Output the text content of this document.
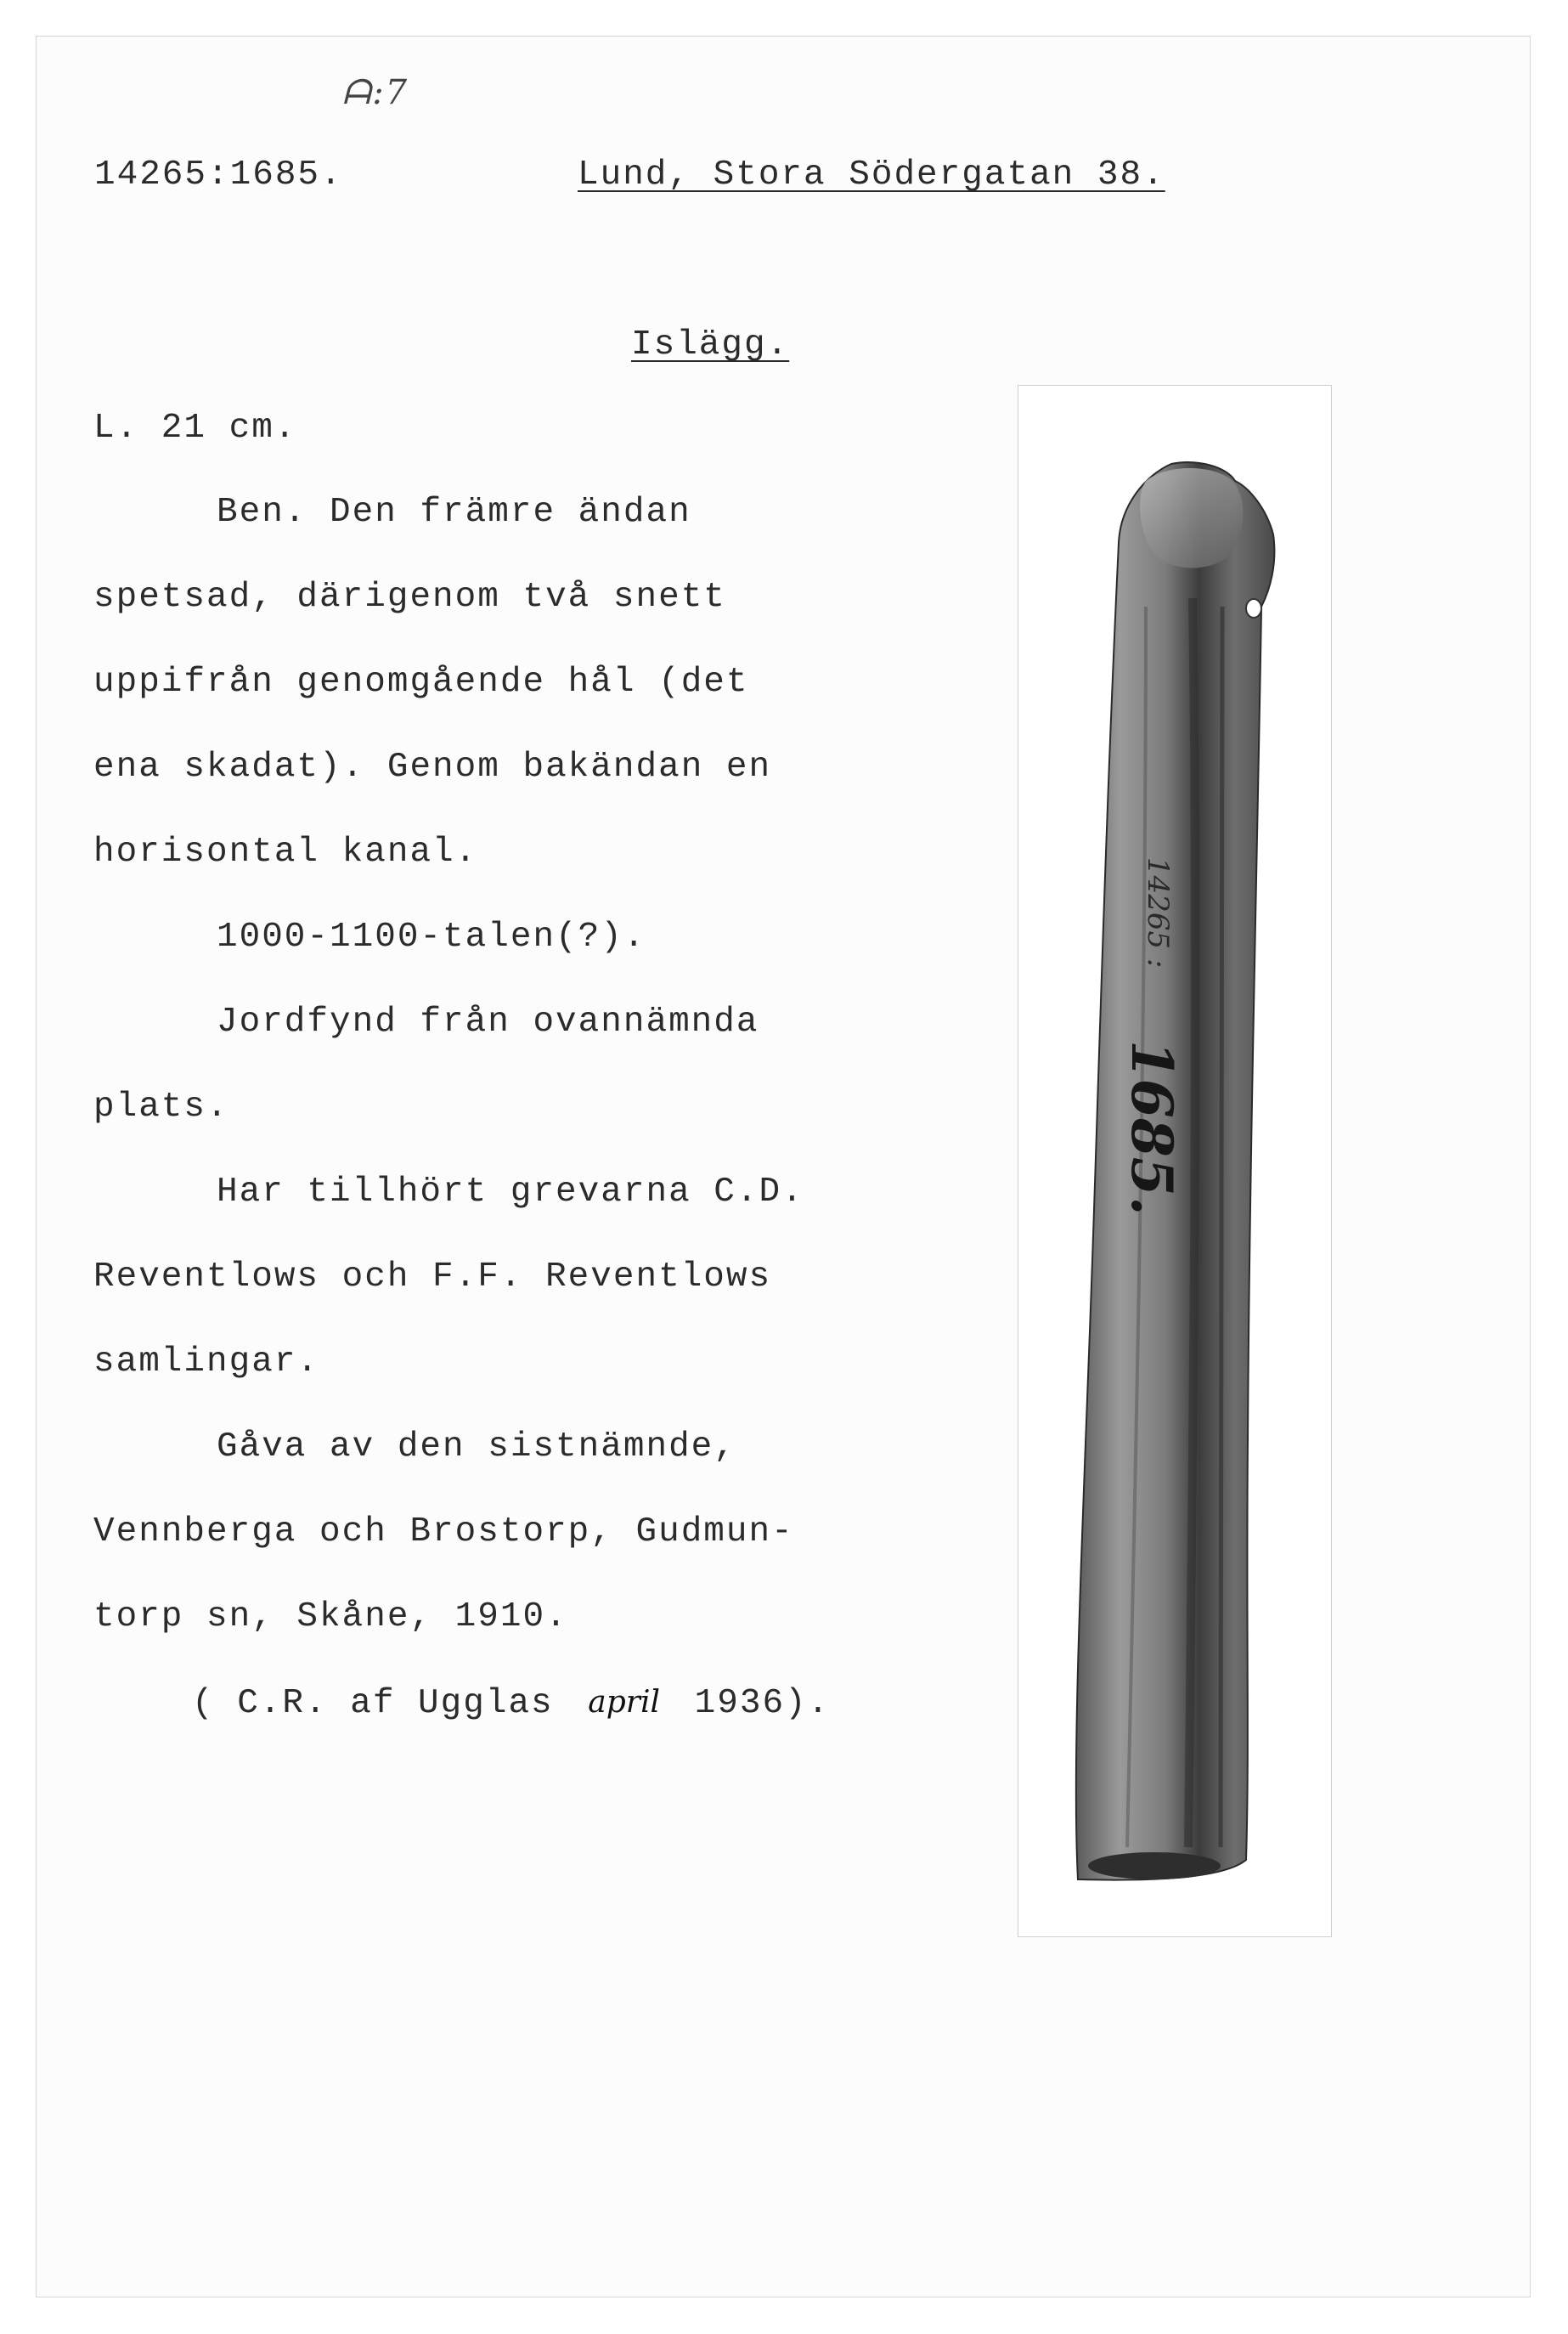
ᗩ:7
14265:1685.	Lund, Stora Södergatan 38.
Islägg.
L. 21 cm.
Ben. Den främre ändan
spetsad, därigenom två snett
uppifrån genomgående hål (det
ena skadat). Genom bakändan en
horisontal kanal.
1000-1100-talen(?).
Jordfynd från ovannämnda
plats.
Har tillhört grevarna C.D.
Reventlows och F.F. Reventlows
samlingar.
Gåva av den sistnämnde,
Vennberga och Brostorp, Gudmun-
torp sn, Skåne, 1910.
( C.R. af Ugglas april 1936).
14265 :
1685.
